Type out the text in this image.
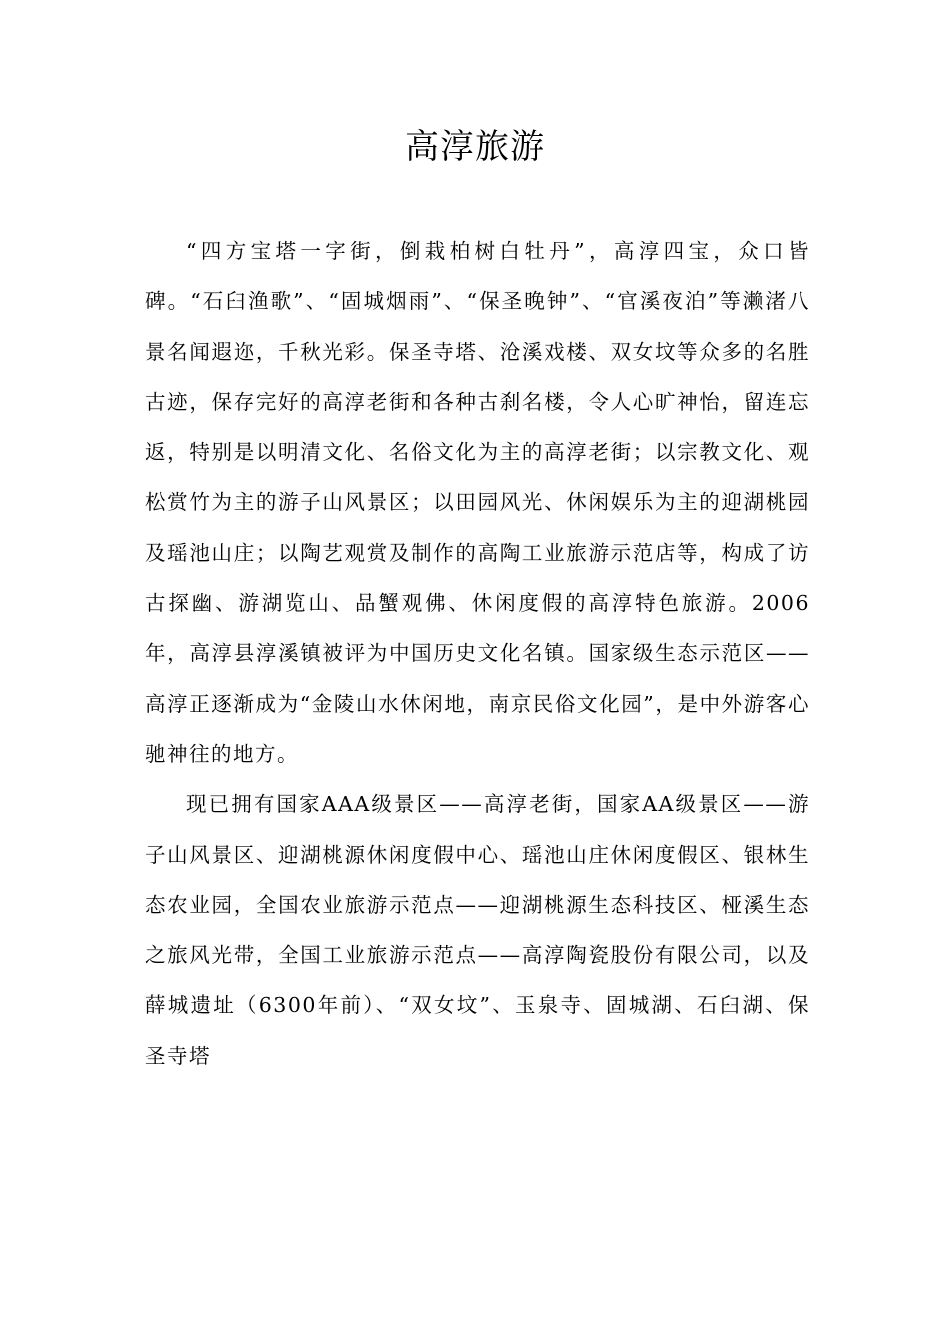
高淳旅游

“四方宝塔一字街，倒栽柏树白牡丹”，高淳四宝，众口皆碑。“石臼渔歌”、“固城烟雨”、“保圣晚钟”、“官溪夜泊”等濑渚八景名闻遐迩，千秋光彩。保圣寺塔、沧溪戏楼、双女坟等众多的名胜古迹，保存完好的高淳老街和各种古刹名楼，令人心旷神怡，留连忘返，特别是以明清文化、名俗文化为主的高淳老街；以宗教文化、观松赏竹为主的游子山风景区；以田园风光、休闲娱乐为主的迎湖桃园及瑶池山庄；以陶艺观赏及制作的高陶工业旅游示范店等，构成了访古探幽、游湖览山、品蟹观佛、休闲度假的高淳特色旅游。2006年，高淳县淳溪镇被评为中国历史文化名镇。国家级生态示范区——高淳正逐渐成为“金陵山水休闲地，南京民俗文化园”，是中外游客心驰神往的地方。

现已拥有国家AAA级景区——高淳老街，国家AA级景区——游子山风景区、迎湖桃源休闲度假中心、瑶池山庄休闲度假区、银林生态农业园，全国农业旅游示范点——迎湖桃源生态科技区、桠溪生态之旅风光带，全国工业旅游示范点——高淳陶瓷股份有限公司，以及薛城遗址（6300年前）、“双女坟”、玉泉寺、固城湖、石臼湖、保圣寺塔
